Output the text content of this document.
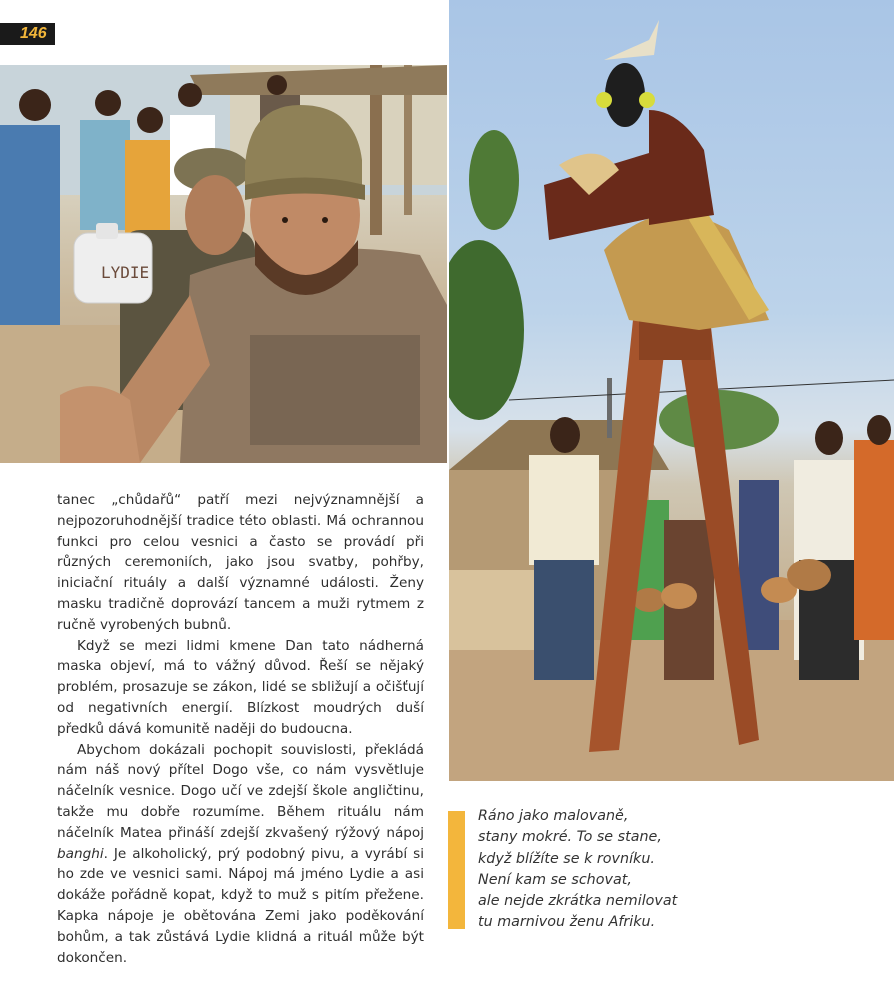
146
LYDIE

tanec „chůdařů“ patří mezi nejvýznamnější a nejpozoruhodnější tradice této oblasti. Má ochrannou funkci pro celou vesnici a často se provádí při různých ceremoniích, jako jsou svatby, pohřby, iniciační rituály a další významné události. Ženy masku tradičně doprovází tancem a muži rytmem z ručně vyrobených bubnů.

Když se mezi lidmi kmene Dan tato nádherná maska objeví, má to vážný důvod. Řeší se nějaký problém, prosazuje se zákon, lidé se sbližují a očišťují od negativních energií. Blízkost moudrých duší předků dává komunitě naději do budoucna.

Abychom dokázali pochopit souvislosti, překládá nám náš nový přítel Dogo vše, co nám vysvětluje náčelník vesnice. Dogo učí ve zdejší škole angličtinu, takže mu dobře rozumíme. Během rituálu nám náčelník Matea přináší zdejší zkvašený rýžový nápoj banghi. Je alkoholický, prý podobný pivu, a vyrábí si ho zde ve vesnici sami. Nápoj má jméno Lydie a asi dokáže pořádně kopat, když to muž s pitím přežene. Kapka nápoje je obětována Zemi jako poděkování bohům, a tak zůstává Lydie klidná a rituál může být dokončen.

Ráno jako malovaně,
stany mokré. To se stane,
když blížíte se k rovníku.
Není kam se schovat,
ale nejde zkrátka nemilovat
tu marnivou ženu Afriku.
